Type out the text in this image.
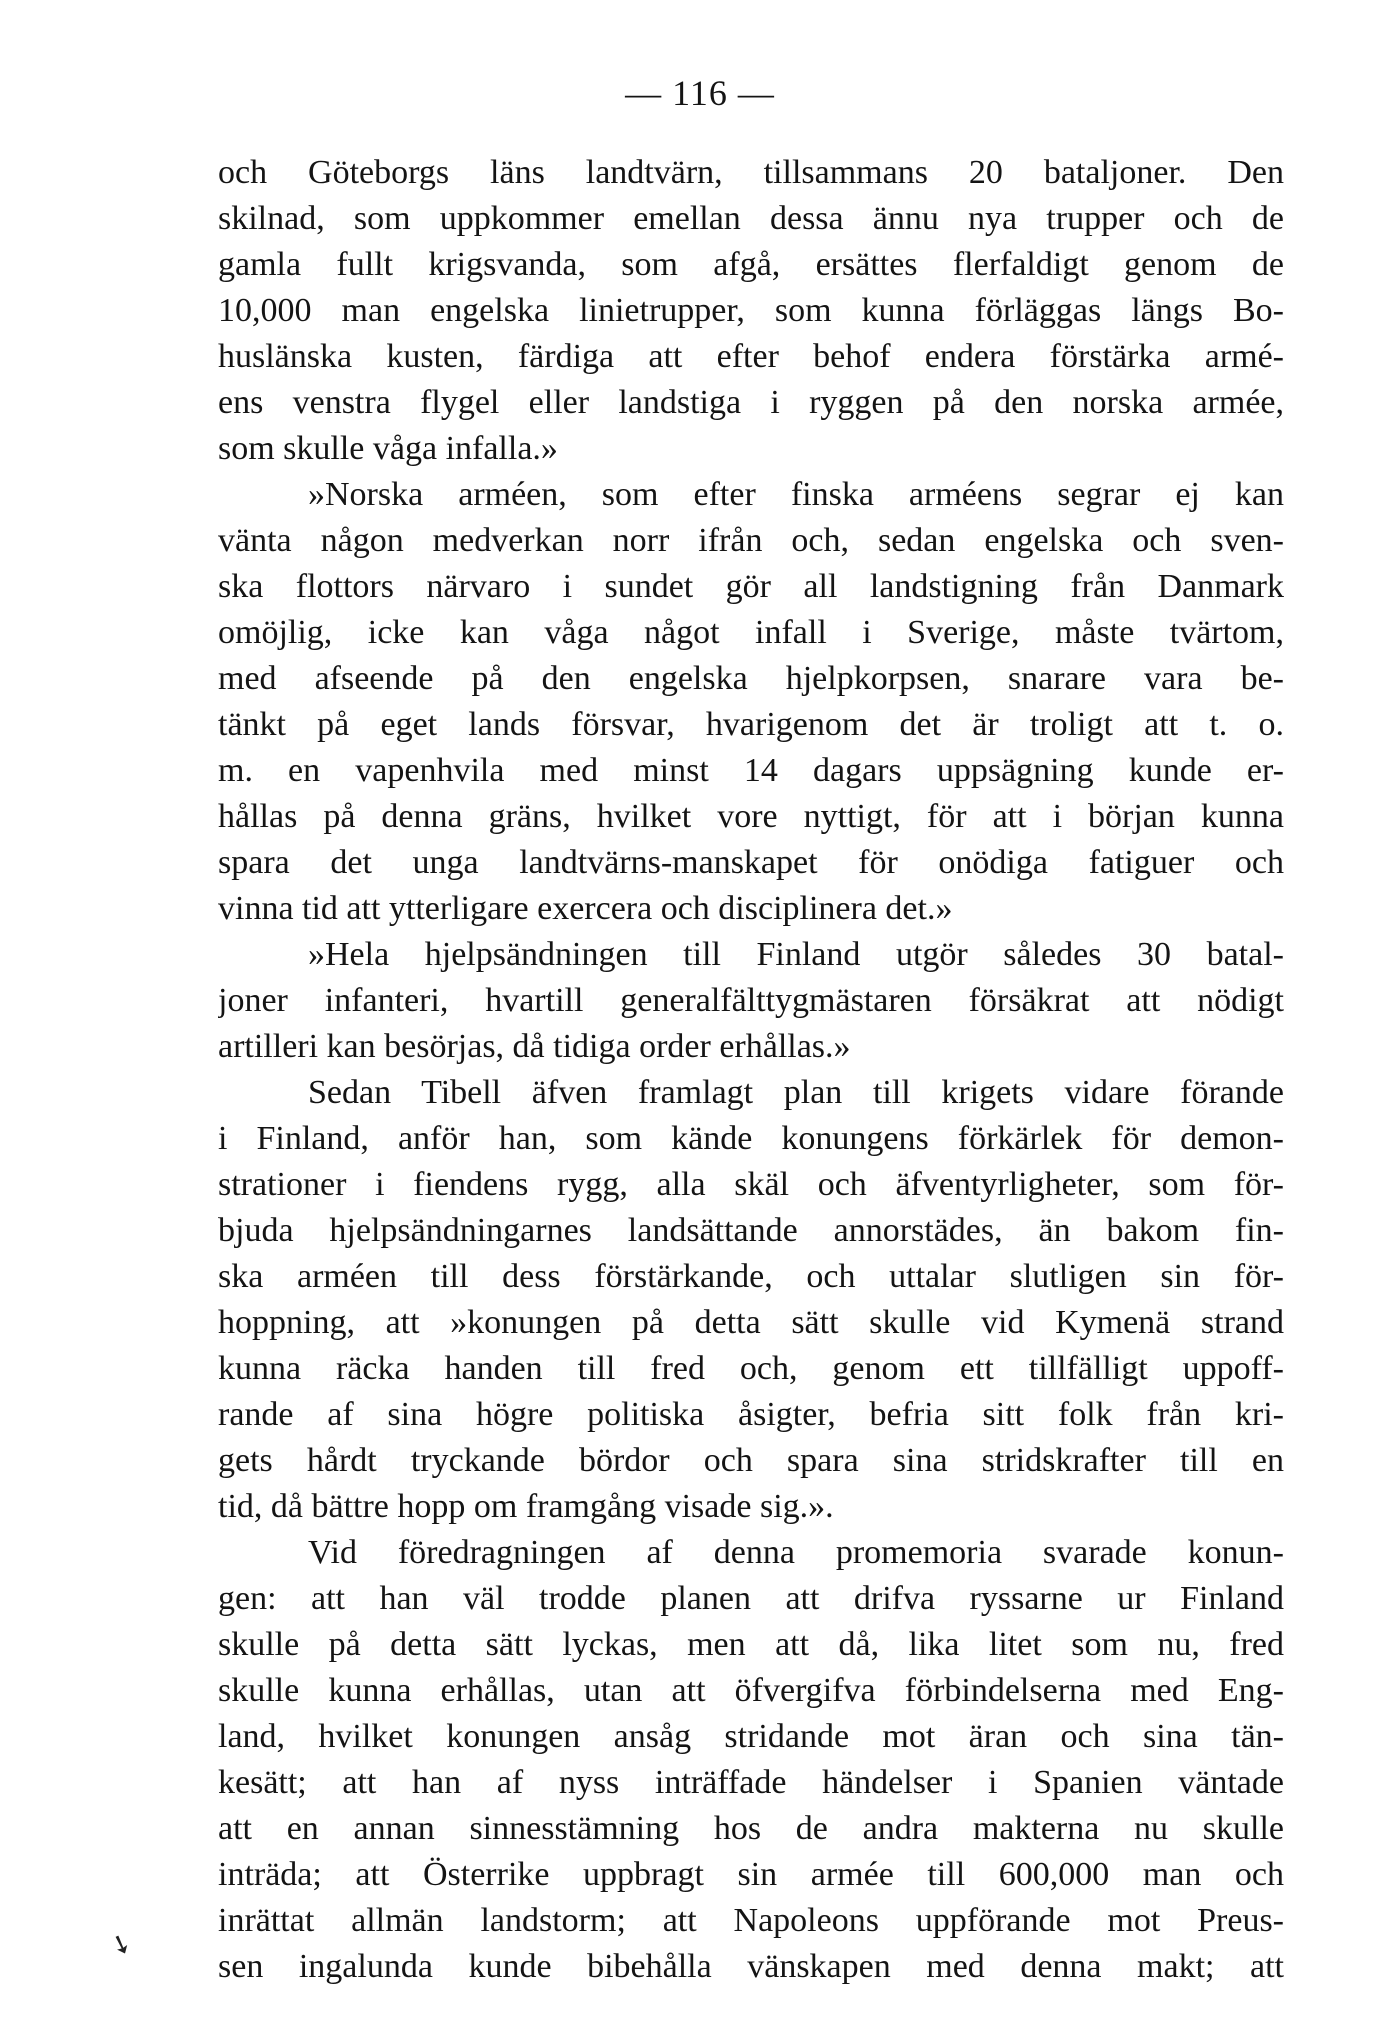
— 116 —
och Göteborgs läns landtvärn, tillsammans 20 bataljoner. Den
skilnad, som uppkommer emellan dessa ännu nya trupper och de
gamla fullt krigsvanda, som afgå, ersättes flerfaldigt genom de
10,000 man engelska linietrupper, som kunna förläggas längs Bo-
huslänska kusten, färdiga att efter behof endera förstärka armé-
ens venstra flygel eller landstiga i ryggen på den norska armée,
som skulle våga infalla.»
»Norska arméen, som efter finska arméens segrar ej kan
vänta någon medverkan norr ifrån och, sedan engelska och sven-
ska flottors närvaro i sundet gör all landstigning från Danmark
omöjlig, icke kan våga något infall i Sverige, måste tvärtom,
med afseende på den engelska hjelpkorpsen, snarare vara be-
tänkt på eget lands försvar, hvarigenom det är troligt att t. o.
m. en vapenhvila med minst 14 dagars uppsägning kunde er-
hållas på denna gräns, hvilket vore nyttigt, för att i början kunna
spara det unga landtvärns-manskapet för onödiga fatiguer och
vinna tid att ytterligare exercera och disciplinera det.»
»Hela hjelpsändningen till Finland utgör således 30 batal-
joner infanteri, hvartill generalfälttygmästaren försäkrat att nödigt
artilleri kan besörjas, då tidiga order erhållas.»
Sedan Tibell äfven framlagt plan till krigets vidare förande
i Finland, anför han, som kände konungens förkärlek för demon-
strationer i fiendens rygg, alla skäl och äfventyrligheter, som för-
bjuda hjelpsändningarnes landsättande annorstädes, än bakom fin-
ska arméen till dess förstärkande, och uttalar slutligen sin för-
hoppning, att »konungen på detta sätt skulle vid Kymenä strand
kunna räcka handen till fred och, genom ett tillfälligt uppoff-
rande af sina högre politiska åsigter, befria sitt folk från kri-
gets hårdt tryckande bördor och spara sina stridskrafter till en
tid, då bättre hopp om framgång visade sig.».
Vid föredragningen af denna promemoria svarade konun-
gen: att han väl trodde planen att drifva ryssarne ur Finland
skulle på detta sätt lyckas, men att då, lika litet som nu, fred
skulle kunna erhållas, utan att öfvergifva förbindelserna med Eng-
land, hvilket konungen ansåg stridande mot äran och sina tän-
kesätt; att han af nyss inträffade händelser i Spanien väntade
att en annan sinnesstämning hos de andra makterna nu skulle
inträda; att Österrike uppbragt sin armée till 600,000 man och
inrättat allmän landstorm; att Napoleons uppförande mot Preus-
sen ingalunda kunde bibehålla vänskapen med denna makt; att
➘
